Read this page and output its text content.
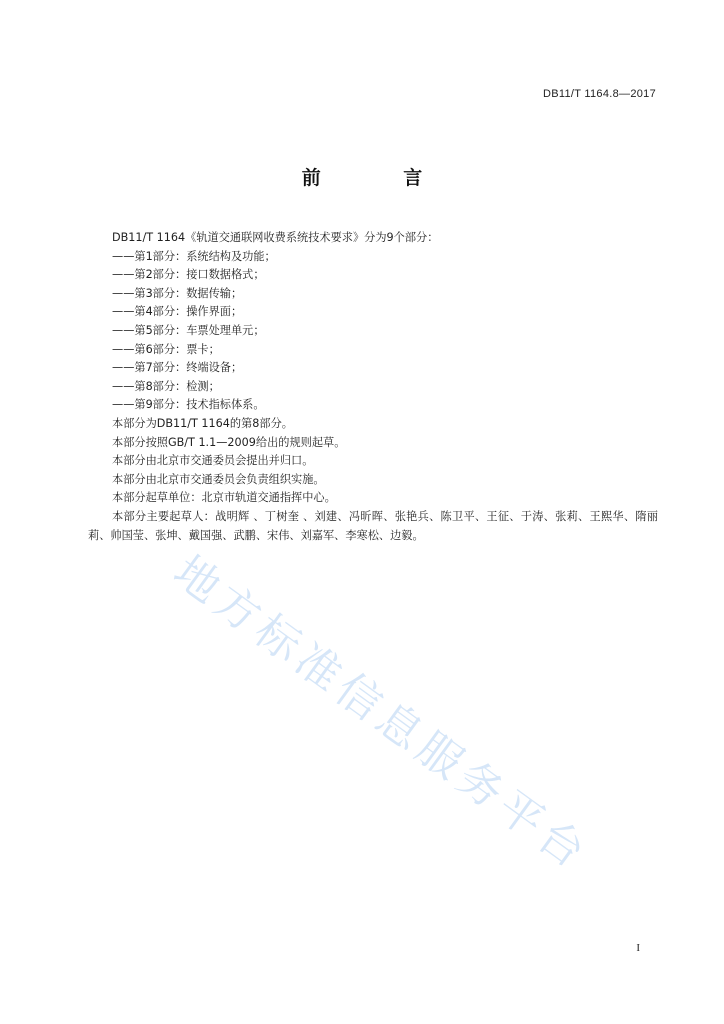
DB11/T 1164.8—2017
前 言

DB11/T 1164《轨道交通联网收费系统技术要求》分为9个部分：

——第1部分：系统结构及功能；

——第2部分：接口数据格式；

——第3部分：数据传输；

——第4部分：操作界面；

——第5部分：车票处理单元；

——第6部分：票卡；

——第7部分：终端设备；

——第8部分：检测；

——第9部分：技术指标体系。

本部分为DB11/T 1164的第8部分。

本部分按照GB/T 1.1—2009给出的规则起草。

本部分由北京市交通委员会提出并归口。

本部分由北京市交通委员会负责组织实施。

本部分起草单位：北京市轨道交通指挥中心。

本部分主要起草人：战明辉 、丁树奎 、刘建、冯昕晖、张艳兵、陈卫平、王征、于涛、张莉、王熙华、隋丽莉、帅国莹、张坤、戴国强、武鹏、宋伟、刘嘉军、李寒松、边毅。

地方标准信息服务平台
I
